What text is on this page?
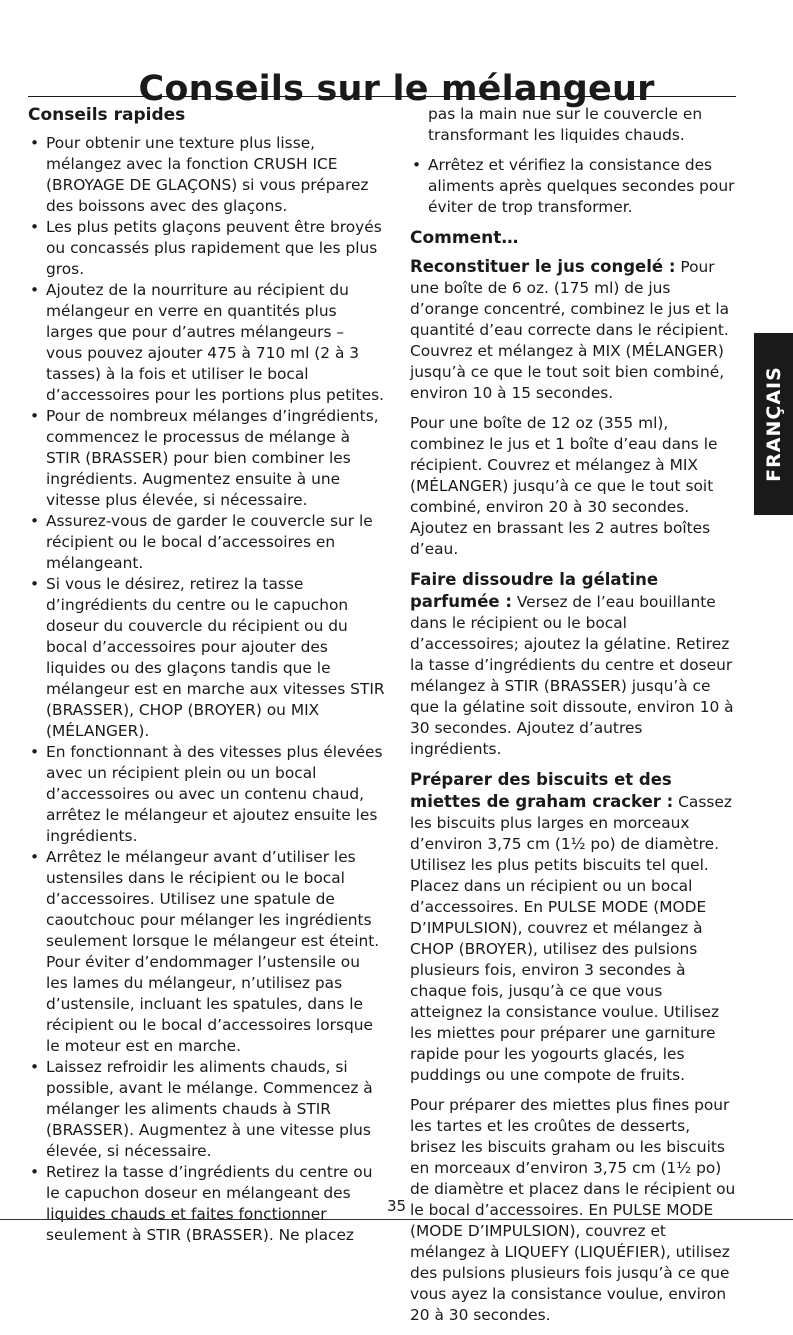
Conseils sur le mélangeur
Conseils rapides
• Pour obtenir une texture plus lisse, mélangez avec la fonction CRUSH ICE (BROYAGE DE GLAÇONS) si vous préparez des boissons avec des glaçons.
• Les plus petits glaçons peuvent être broyés ou concassés plus rapidement que les plus gros.
• Ajoutez de la nourriture au récipient du mélangeur en verre en quantités plus larges que pour d’autres mélangeurs – vous pouvez ajouter 475 à 710 ml (2 à 3 tasses) à la fois et utiliser le bocal d’accessoires pour les portions plus petites.
• Pour de nombreux mélanges d’ingrédients, commencez le processus de mélange à STIR (BRASSER) pour bien combiner les ingrédients. Augmentez ensuite à une vitesse plus élevée, si nécessaire.
• Assurez-vous de garder le couvercle sur le récipient ou le bocal d’accessoires en mélangeant.
• Si vous le désirez, retirez la tasse d’ingrédients du centre ou le capuchon doseur du couvercle du récipient ou du bocal d’accessoires pour ajouter des liquides ou des glaçons tandis que le mélangeur est en marche aux vitesses STIR (BRASSER), CHOP (BROYER) ou MIX (MÉLANGER).
• En fonctionnant à des vitesses plus élevées avec un récipient plein ou un bocal d’accessoires ou avec un contenu chaud, arrêtez le mélangeur et ajoutez ensuite les ingrédients.
• Arrêtez le mélangeur avant d’utiliser les ustensiles dans le récipient ou le bocal d’accessoires. Utilisez une spatule de caoutchouc pour mélanger les ingrédients seulement lorsque le mélangeur est éteint. Pour éviter d’endommager l’ustensile ou les lames du mélangeur, n’utilisez pas d’ustensile, incluant les spatules, dans le récipient ou le bocal d’accessoires lorsque le moteur est en marche.
• Laissez refroidir les aliments chauds, si possible, avant le mélange. Commencez à mélanger les aliments chauds à STIR (BRASSER). Augmentez à une vitesse plus élevée, si nécessaire.
• Retirez la tasse d’ingrédients du centre ou le capuchon doseur en mélangeant des liquides chauds et faites fonctionner seulement à STIR (BRASSER). Ne placez

pas la main nue sur le couvercle en transformant les liquides chauds.

• Arrêtez et vérifiez la consistance des aliments après quelques secondes pour éviter de trop transformer.
Comment…

Reconstituer le jus congelé : Pour une boîte de 6 oz. (175 ml) de jus d’orange concentré, combinez le jus et la quantité d’eau correcte dans le récipient. Couvrez et mélangez à MIX (MÉLANGER) jusqu’à ce que le tout soit bien combiné, environ 10 à 15 secondes.

Pour une boîte de 12 oz (355 ml), combinez le jus et 1 boîte d’eau dans le récipient. Couvrez et mélangez à MIX (MÉLANGER) jusqu’à ce que le tout soit combiné, environ 20 à 30 secondes. Ajoutez en brassant les 2 autres boîtes d’eau.

Faire dissoudre la gélatine parfumée : Versez de l’eau bouillante dans le récipient ou le bocal d’accessoires; ajoutez la gélatine. Retirez la tasse d’ingrédients du centre et doseur mélangez à STIR (BRASSER) jusqu’à ce que la gélatine soit dissoute, environ 10 à 30 secondes. Ajoutez d’autres ingrédients.

Préparer des biscuits et des miettes de graham cracker : Cassez les biscuits plus larges en morceaux d’environ 3,75 cm (1½ po) de diamètre. Utilisez les plus petits biscuits tel quel. Placez dans un récipient ou un bocal d’accessoires. En PULSE MODE (MODE D’IMPULSION), couvrez et mélangez à CHOP (BROYER), utilisez des pulsions plusieurs fois, environ 3 secondes à chaque fois, jusqu’à ce que vous atteignez la consistance voulue. Utilisez les miettes pour préparer une garniture rapide pour les yogourts glacés, les puddings ou une compote de fruits.

Pour préparer des miettes plus fines pour les tartes et les croûtes de desserts, brisez les biscuits graham ou les biscuits en morceaux d’environ 3,75 cm (1½ po) de diamètre et placez dans le récipient ou le bocal d’accessoires. En PULSE MODE (MODE D’IMPULSION), couvrez et mélangez à LIQUEFY (LIQUÉFIER), utilisez des pulsions plusieurs fois jusqu’à ce que vous ayez la consistance voulue, environ 20 à 30 secondes.

FRANÇAIS
35
